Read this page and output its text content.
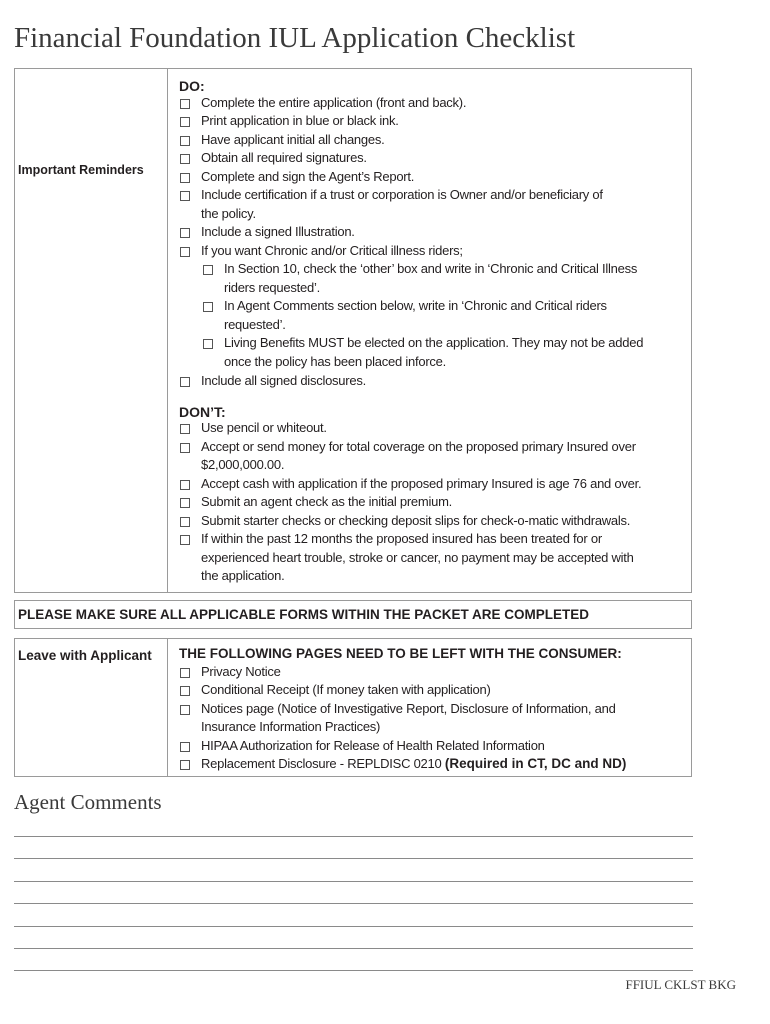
Financial Foundation IUL Application Checklist
Important Reminders
DO:
Complete the entire application (front and back).
Print application in blue or black ink.
Have applicant initial all changes.
Obtain all required signatures.
Complete and sign the Agent’s Report.
Include certification if a trust or corporation is Owner and/or beneficiary of
the policy.
Include a signed Illustration.
If you want Chronic and/or Critical illness riders;
In Section 10, check the ‘other’ box and write in ‘Chronic and Critical Illness
riders requested’.
In Agent Comments section below, write in ‘Chronic and Critical riders
requested’.
Living Benefits MUST be elected on the application. They may not be added
once the policy has been placed inforce.
Include all signed disclosures.
DON’T:
Use pencil or whiteout.
Accept or send money for total coverage on the proposed primary Insured over
$2,000,000.00.
Accept cash with application if the proposed primary Insured is age 76 and over.
Submit an agent check as the initial premium.
Submit starter checks or checking deposit slips for check-o-matic withdrawals.
If within the past 12 months the proposed insured has been treated for or
experienced heart trouble, stroke or cancer, no payment may be accepted with
the application.
PLEASE MAKE SURE ALL APPLICABLE FORMS WITHIN THE PACKET ARE COMPLETED
Leave with Applicant	THE FOLLOWING PAGES NEED TO BE LEFT WITH THE CONSUMER:
Privacy Notice
Conditional Receipt (If money taken with application)
Notices page (Notice of Investigative Report, Disclosure of Information, and
Insurance Information Practices)
HIPAA Authorization for Release of Health Related Information
Replacement Disclosure - REPLDISC 0210 (Required in CT, DC and ND)
Agent Comments
FFIUL CKLST BKG
